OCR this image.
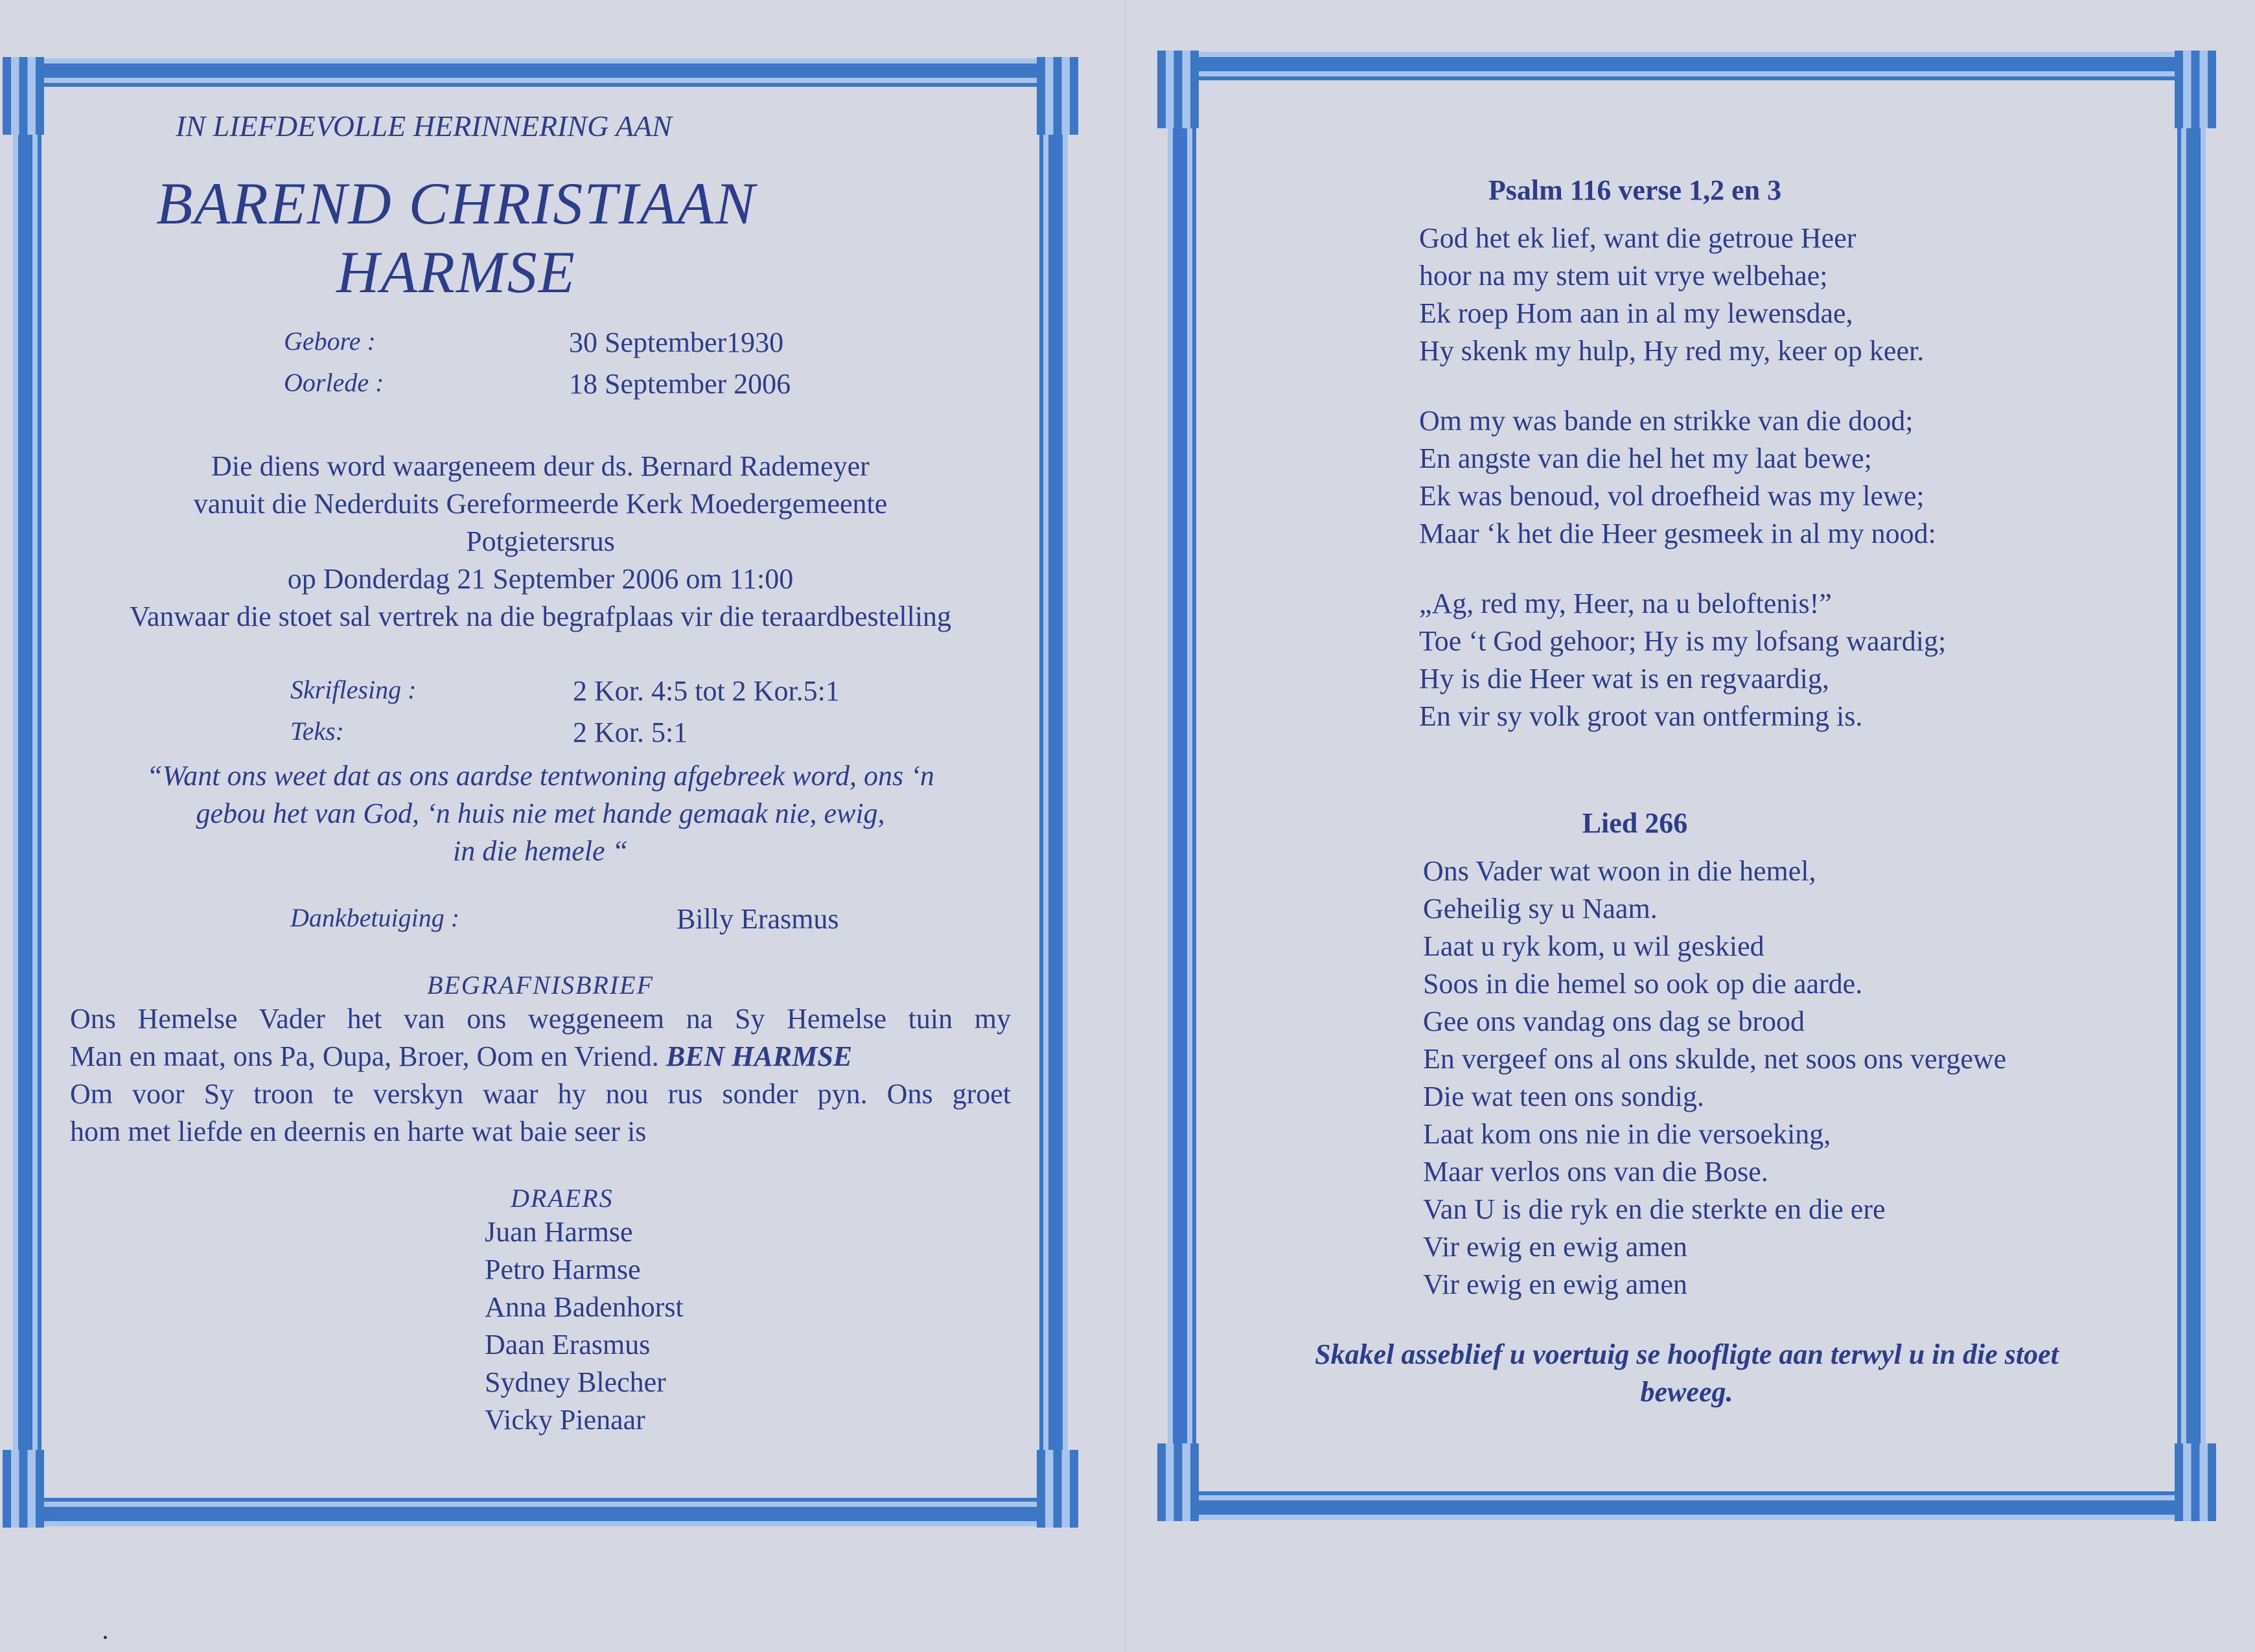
IN LIEFDEVOLLE HERINNERING AAN

BAREND CHRISTIAAN

HARMSE

Gebore :	30 September1930
Oorlede :	18 September 2006

Die diens word waargeneem deur ds. Bernard Rademeyer

vanuit die Nederduits Gereformeerde Kerk Moedergemeente

Potgietersrus

op Donderdag 21 September 2006 om 11:00

Vanwaar die stoet sal vertrek na die begrafplaas vir die teraardbestelling

Skriflesing :	2 Kor. 4:5 tot 2 Kor.5:1
Teks:	2 Kor. 5:1

“Want ons weet dat as ons aardse tentwoning afgebreek word, ons ‘n

gebou het van God, ‘n huis nie met hande gemaak nie, ewig,

in die hemele “

Dankbetuiging :	Billy Erasmus

BEGRAFNISBRIEF

Ons Hemelse Vader het van ons weggeneem na Sy Hemelse tuin my

Man en maat, ons Pa, Oupa, Broer, Oom en Vriend. BEN HARMSE

Om voor Sy troon te verskyn waar hy nou rus sonder pyn. Ons groet

hom met liefde en deernis en harte wat baie seer is

DRAERS

Juan Harmse

Petro Harmse

Anna Badenhorst

Daan Erasmus

Sydney Blecher

Vicky Pienaar

Psalm 116 verse 1,2 en 3

God het ek lief, want die getroue Heer

hoor na my stem uit vrye welbehae;

Ek roep Hom aan in al my lewensdae,

Hy skenk my hulp, Hy red my, keer op keer.

Om my was bande en strikke van die dood;

En angste van die hel het my laat bewe;

Ek was benoud, vol droefheid was my lewe;

Maar ‘k het die Heer gesmeek in al my nood:

„Ag, red my, Heer, na u beloftenis!”

Toe ‘t God gehoor; Hy is my lofsang waardig;

Hy is die Heer wat is en regvaardig,

En vir sy volk groot van ontferming is.

Lied 266

Ons Vader wat woon in die hemel,

Geheilig sy u Naam.

Laat u ryk kom, u wil geskied

Soos in die hemel so ook op die aarde.

Gee ons vandag ons dag se brood

En vergeef ons al ons skulde, net soos ons vergewe

Die wat teen ons sondig.

Laat kom ons nie in die versoeking,

Maar verlos ons van die Bose.

Van U is die ryk en die sterkte en die ere

Vir ewig en ewig amen

Vir ewig en ewig amen

Skakel asseblief u voertuig se hoofligte aan terwyl u in die stoet

beweeg.
